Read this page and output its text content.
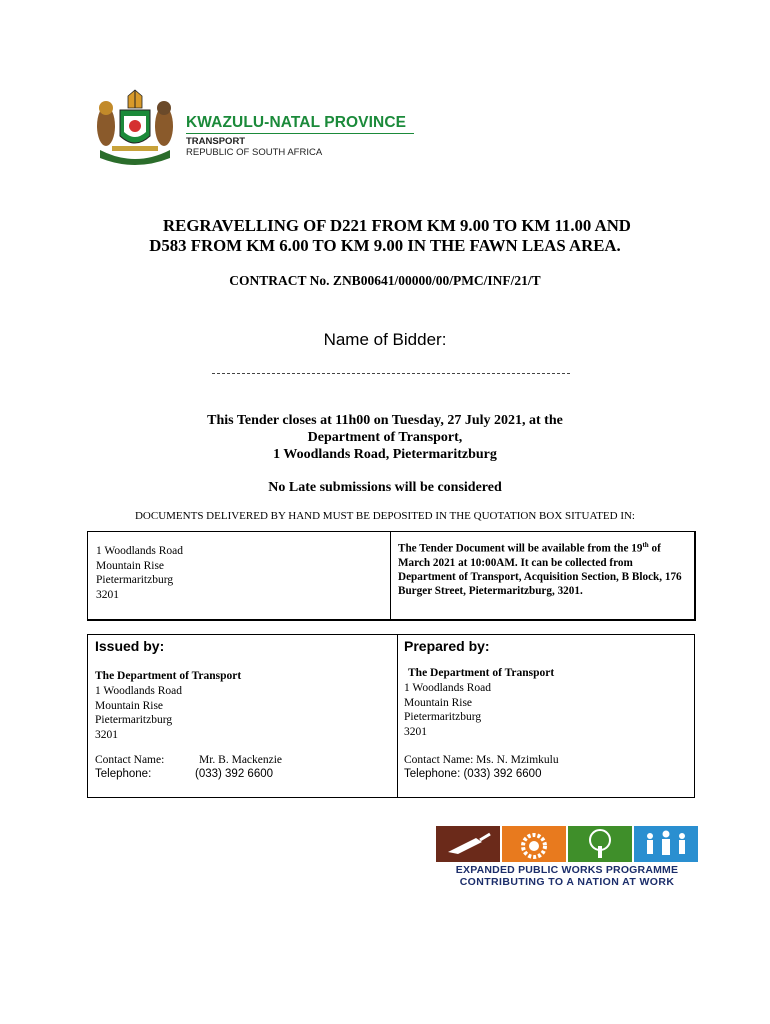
KWAZULU-NATAL PROVINCE
TRANSPORT
REPUBLIC OF SOUTH AFRICA
REGRAVELLING OF D221 FROM KM 9.00 TO KM 11.00 AND
D583 FROM KM 6.00 TO KM 9.00 IN THE FAWN LEAS AREA.
CONTRACT No. ZNB00641/00000/00/PMC/INF/21/T
Name of Bidder:
This Tender closes at 11h00 on Tuesday, 27 July 2021, at the
Department of Transport,
1 Woodlands Road, Pietermaritzburg
No Late submissions will be considered
DOCUMENTS DELIVERED BY HAND MUST BE DEPOSITED IN THE QUOTATION BOX SITUATED IN:
1 Woodlands Road
Mountain Rise
Pietermaritzburg
3201
The Tender Document will be available from the 19th of March 2021 at 10:00AM. It can be collected from Department of Transport, Acquisition Section, B Block, 176 Burger Street, Pietermaritzburg, 3201.
Issued by:
The Department of Transport
1 Woodlands Road
Mountain Rise
Pietermaritzburg
3201
Contact Name:	Mr. B. Mackenzie
Telephone:	(033) 392 6600
Prepared by:
The Department of Transport
1 Woodlands Road
Mountain Rise
Pietermaritzburg
3201
Contact Name: Ms. N. Mzimkulu
Telephone: (033) 392 6600
EXPANDED PUBLIC WORKS PROGRAMME
CONTRIBUTING TO A NATION AT WORK
